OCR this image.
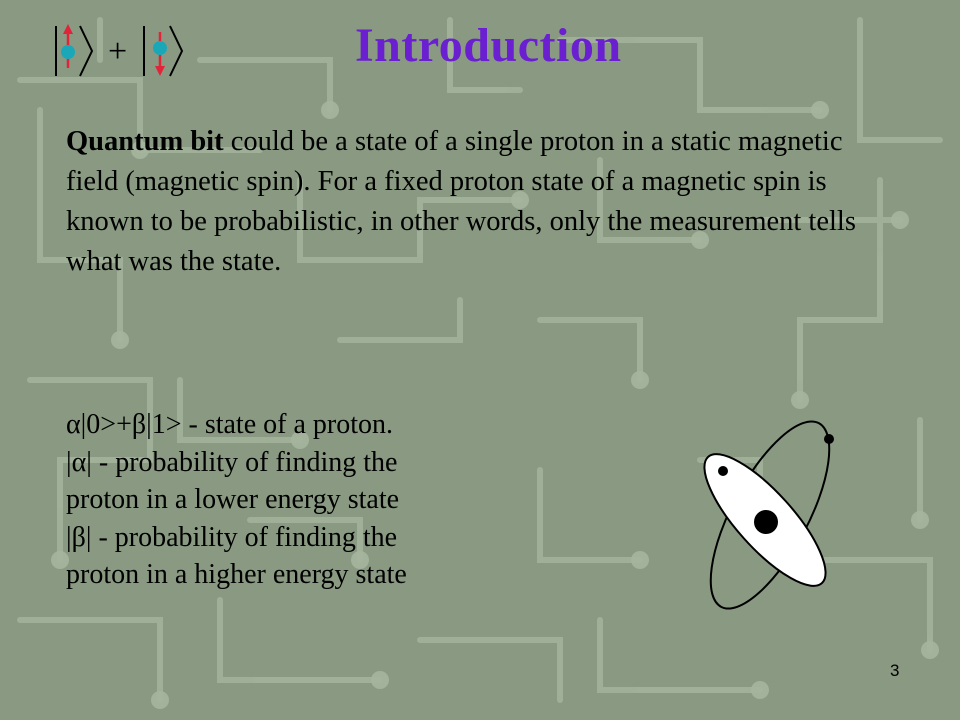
+	Introduction
Quantum bit could be a state of a single proton in a static magnetic field (magnetic spin). For a fixed proton state of a magnetic spin is known to be probabilistic, in other words, only the measurement tells what was the state.
α|0>+β|1> - state of a proton.
|α| - probability of finding the
proton in a lower energy state
|β| - probability of finding the
proton in a higher energy state
3
